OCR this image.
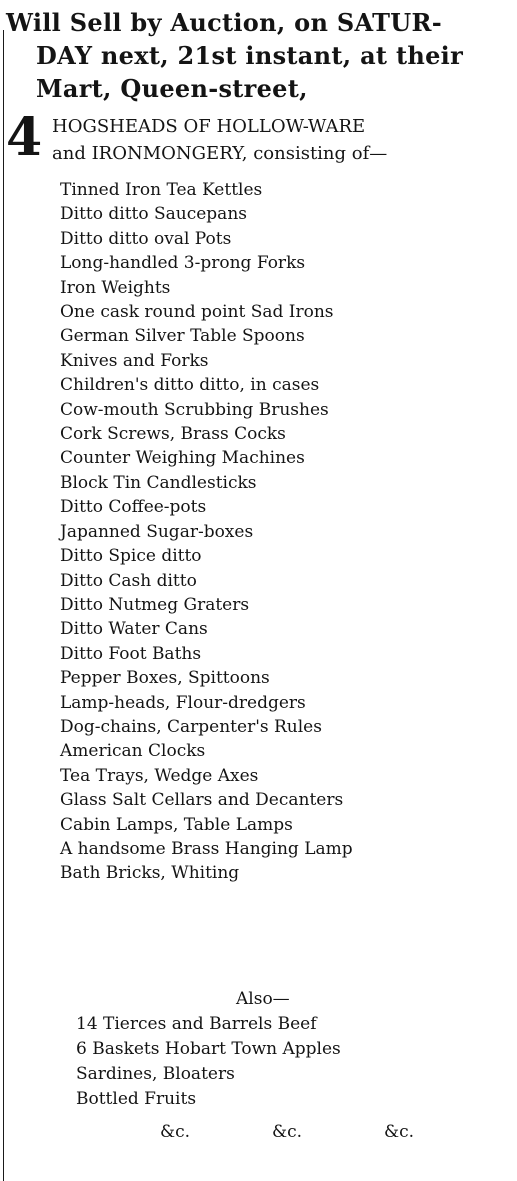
Will Sell by Auction, on SATUR-
DAY next, 21st instant, at their
Mart, Queen-street,
4 HOGSHEADS OF HOLLOW-WARE
and IRONMONGERY, consisting of—
Tinned Iron Tea Kettles
Ditto ditto Saucepans
Ditto ditto oval Pots
Long-handled 3-prong Forks
Iron Weights
One cask round point Sad Irons
German Silver Table Spoons
Knives and Forks
Children's ditto ditto, in cases
Cow-mouth Scrubbing Brushes
Cork Screws, Brass Cocks
Counter Weighing Machines
Block Tin Candlesticks
Ditto Coffee-pots
Japanned Sugar-boxes
Ditto Spice ditto
Ditto Cash ditto
Ditto Nutmeg Graters
Ditto Water Cans
Ditto Foot Baths
Pepper Boxes, Spittoons
Lamp-heads, Flour-dredgers
Dog-chains, Carpenter's Rules
American Clocks
Tea Trays, Wedge Axes
Glass Salt Cellars and Decanters
Cabin Lamps, Table Lamps
A handsome Brass Hanging Lamp
Bath Bricks, Whiting
Also—
14 Tierces and Barrels Beef
6 Baskets Hobart Town Apples
Sardines, Bloaters
Bottled Fruits
&c.	&c.	&c.
